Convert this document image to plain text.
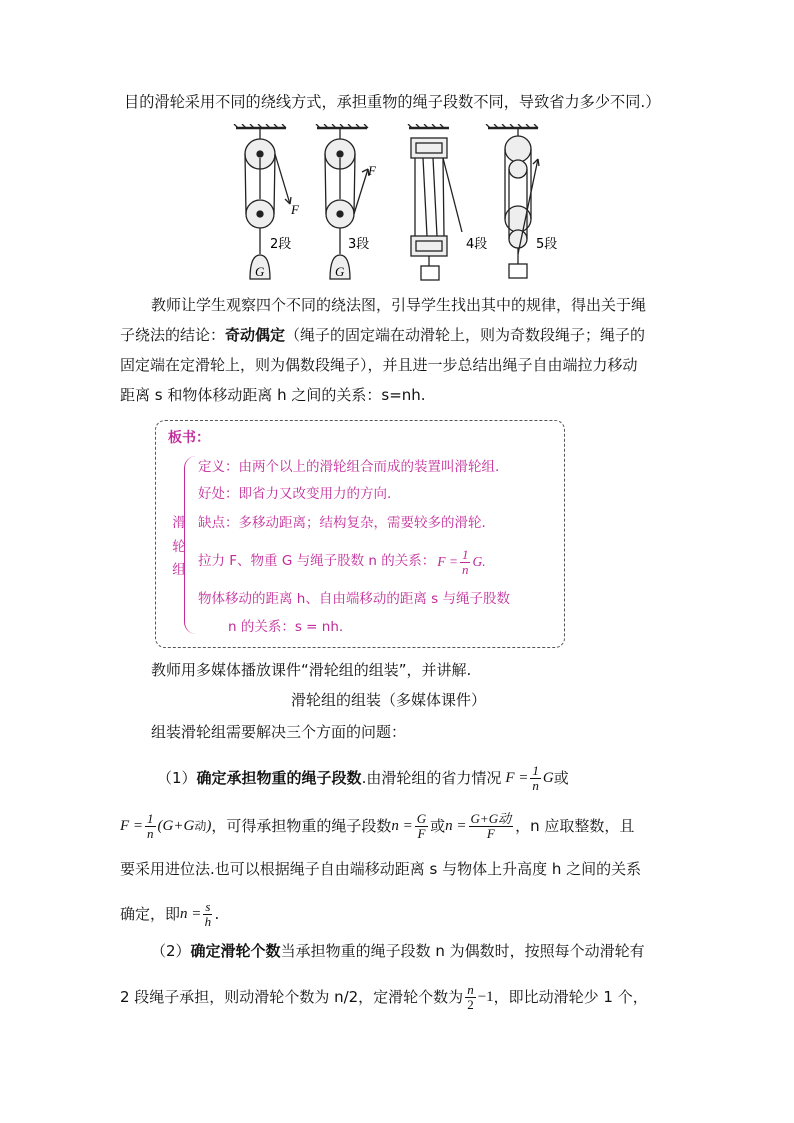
目的滑轮采用不同的绕线方式，承担重物的绳子段数不同，导致省力多少不同.）
F
F
G	G
2段	3段	4段	5段
教师让学生观察四个不同的绕法图，引导学生找出其中的规律，得出关于绳
子绕法的结论：奇动偶定（绳子的固定端在动滑轮上，则为奇数段绳子；绳子的
固定端在定滑轮上，则为偶数段绳子），并且进一步总结出绳子自由端拉力移动
距离 s 和物体移动距离 h 之间的关系：s=nh.
板书：
滑
轮
组
定义：由两个以上的滑轮组合而成的装置叫滑轮组.
好处：即省力又改变用力的方向.
缺点：多移动距离；结构复杂，需要较多的滑轮.
拉力 F、物重 G 与绳子股数 n 的关系： $F = \frac{1}{n} G$.
物体移动的距离 h、自由端移动的距离 s 与绳子股数
n 的关系：s = nh.
教师用多媒体播放课件“滑轮组的组装”，并讲解.
滑轮组的组装（多媒体课件）
组装滑轮组需要解决三个方面的问题：
（1） 确定承担物重的绳子段数 .由滑轮组的省力情况 $F = \frac{1}{n}$ G 或
$F = \frac{1}{n} (G+G$ 动 ) ，可得承担物重的绳子段数 $n = \frac{G}{F}$ 或 $n = \frac{\text{G+G动}}{F}$ ，n 应取整数，且
要采用进位法.也可以根据绳子自由端移动距离 s 与物体上升高度 h 之间的关系
确定，即 $n = \frac{s}{h}$ .
（2）确定滑轮个数当承担物重的绳子段数 n 为偶数时，按照每个动滑轮有
2 段绳子承担，则动滑轮个数为 n/2，定滑轮个数为 $\frac{n}{2} -1$ ，即比动滑轮少 1 个，
